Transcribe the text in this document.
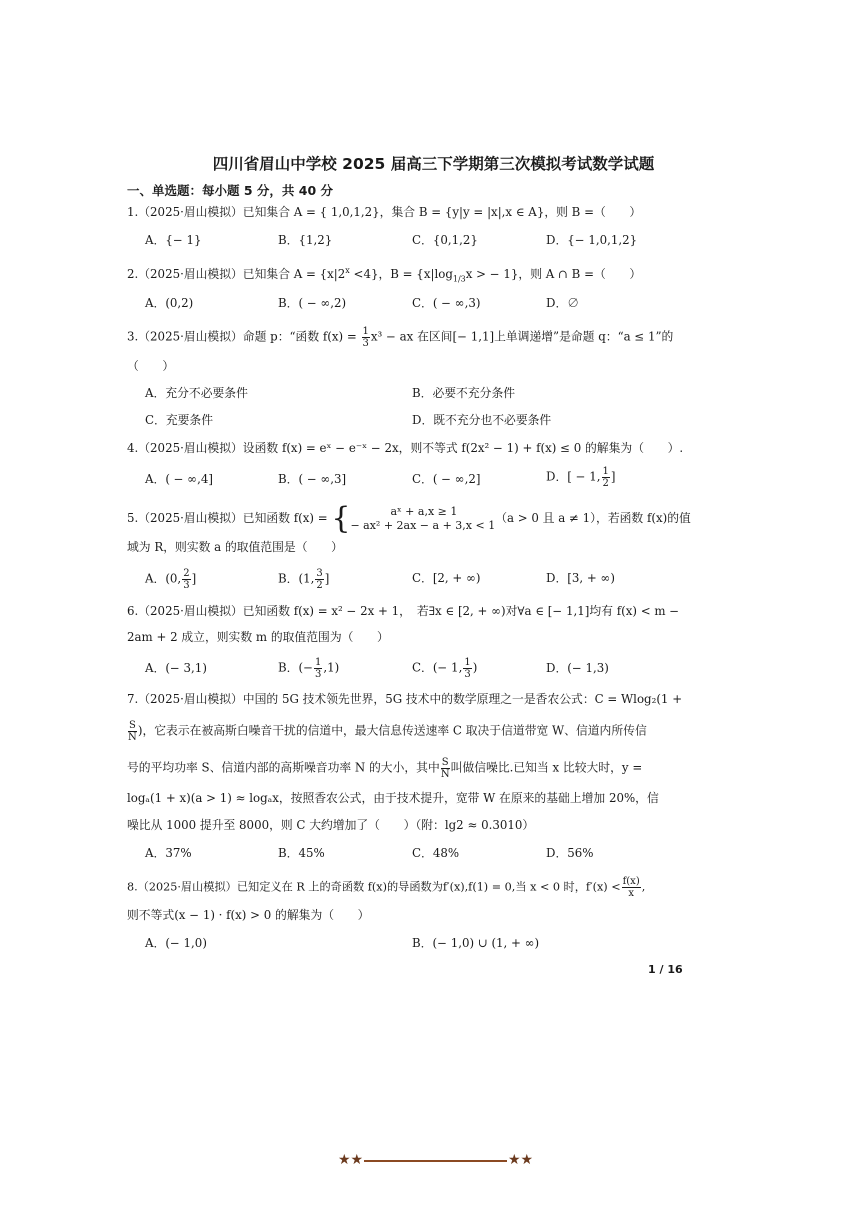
四川省眉山中学校 2025 届高三下学期第三次模拟考试数学试题
一、单选题：每小题 5 分，共 40 分
1.（2025·眉山模拟）已知集合 A = { 1,0,1,2}，集合 B = {y|y = |x|,x ∈ A}，则 B =（　　）
A．{− 1}	B．{1,2}	C．{0,1,2}	D．{− 1,0,1,2}
2.（2025·眉山模拟）已知集合 $A = \{x|2^x <4\}$，$B = \{x|\log_{1/3}x$ > − 1}，则 A ∩ B =（　　）
A．(0,2)	B．( − ∞,2)	C．( − ∞,3)	D．∅
3.（2025·眉山模拟）命题 p：“函数 $f(x) = \frac{1}{3} x^3$ − ax 在区间[− 1,1]上单调递增”是命题 q：“a ≤ 1”的
（　　）
A．充分不必要条件	B．必要不充分条件
C．充要条件	D．既不充分也不必要条件
4.（2025·眉山模拟）设函数 f(x) = eˣ − e⁻ˣ − 2x，则不等式 f(2x² − 1) + f(x) ≤ 0 的解集为（　　）.
A．( − ∞,4]	B．( − ∞,3]	C．( − ∞,2]	D．[ − 1, $\frac{1}{2}$ ]
5.（2025·眉山模拟）已知函数 f(x) = {	aˣ + a,x ≥ 1
− ax² + 2ax − a + 3,x < 1
（a > 0 且 a ≠ 1），若函数 f(x)的值
域为 R，则实数 a 的取值范围是（　　）
A．(0, $\frac{2}{3}$ ]	B．(1, $\frac{3}{2}$ ]	C．[2, + ∞)	D．[3, + ∞)
6.（2025·眉山模拟）已知函数 f(x) = x² − 2x + 1，　若∃x ∈ [2, + ∞)对∀a ∈ [− 1,1]均有 f(x) < m −
2am + 2 成立，则实数 m 的取值范围为（　　）
A．(− 3,1)	B．(− $\frac{1}{3} ,1$)	C．(− 1, $\frac{1}{3}$ )	D．(− 1,3)
7.（2025·眉山模拟）中国的 5G 技术领先世界，5G 技术中的数学原理之一是香农公式：C = Wlog₂(1 +
$\frac{S}{N}$ )，它表示在被高斯白噪音干扰的信道中，最大信息传送速率 C 取决于信道带宽 W、信道内所传信
号的平均功率 S、信道内部的高斯噪音功率 N 的大小，其中 $\frac{S}{N}$ 叫做信噪比.已知当 x 比较大时，y =
logₐ(1 + x)(a > 1) ≈ logₐx，按照香农公式，由于技术提升，宽带 W 在原来的基础上增加 20%，信
噪比从 1000 提升至 8000，则 C 大约增加了（　　）（附：lg2 ≈ 0.3010）
A．37%	B．45%	C．48%	D．56%
8.（2025·眉山模拟）已知定义在 R 上的奇函数 f(x)的导函数为f′(x),f(1) = 0,当 x < 0 时，$f'(x) < \frac{f(x)}{x}$ ,
则不等式(x − 1) · f(x) > 0 的解集为（　　）
A．(− 1,0)	B．(− 1,0) ∪ (1, + ∞)
1 / 16
★★	★★
